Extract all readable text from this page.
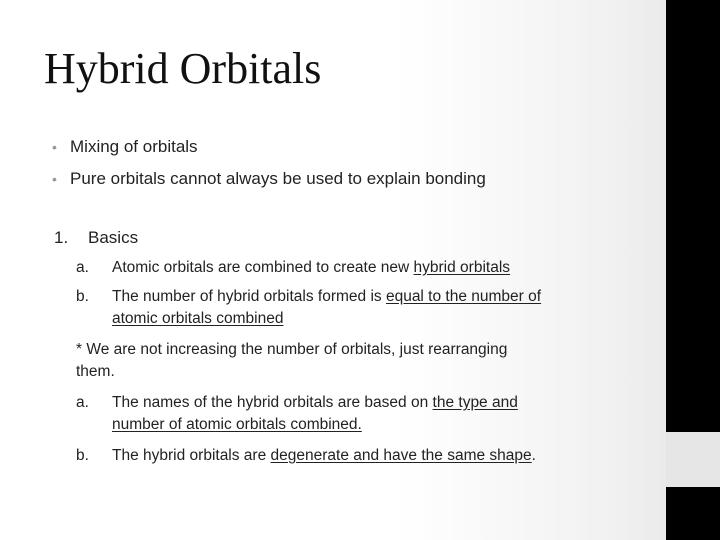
Hybrid Orbitals
• Mixing of orbitals
• Pure orbitals cannot always be used to explain bonding
1. Basics
a.	Atomic orbitals are combined to create new hybrid orbitals
b.	The number of hybrid orbitals formed is equal to the number of
atomic orbitals combined
* We are not increasing the number of orbitals, just rearranging
them.
a.	The names of the hybrid orbitals are based on the type and
number of atomic orbitals combined.
b.	The hybrid orbitals are degenerate and have the same shape.
